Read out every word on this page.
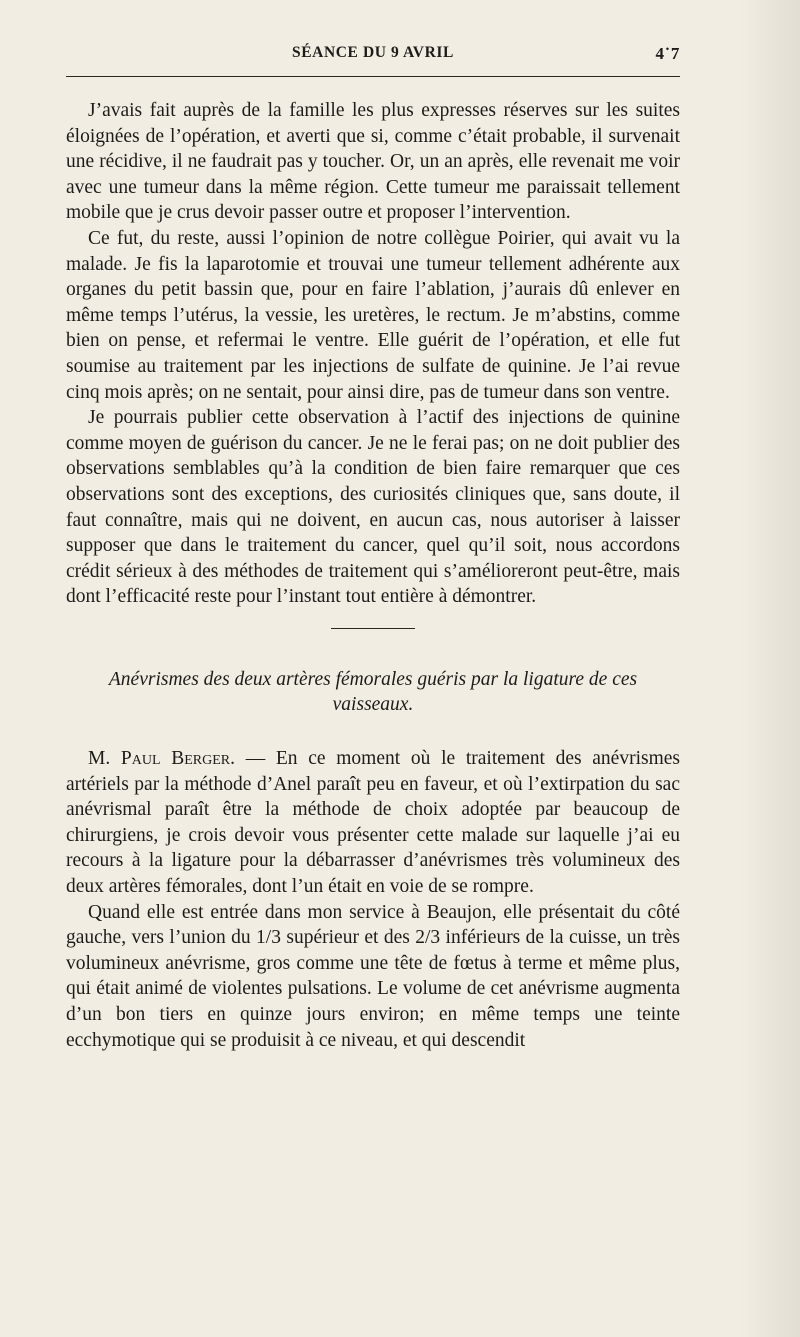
SÉANCE DU 9 AVRIL	4˙7

J’avais fait auprès de la famille les plus expresses réserves sur les suites éloignées de l’opération, et averti que si, comme c’était probable, il survenait une récidive, il ne faudrait pas y toucher. Or, un an après, elle revenait me voir avec une tumeur dans la même région. Cette tumeur me paraissait tellement mobile que je crus devoir passer outre et proposer l’intervention.

Ce fut, du reste, aussi l’opinion de notre collègue Poirier, qui avait vu la malade. Je fis la laparotomie et trouvai une tumeur tellement adhérente aux organes du petit bassin que, pour en faire l’ablation, j’aurais dû enlever en même temps l’utérus, la vessie, les uretères, le rectum. Je m’abstins, comme bien on pense, et refermai le ventre. Elle guérit de l’opération, et elle fut soumise au traitement par les injections de sulfate de quinine. Je l’ai revue cinq mois après; on ne sentait, pour ainsi dire, pas de tumeur dans son ventre.

Je pourrais publier cette observation à l’actif des injections de quinine comme moyen de guérison du cancer. Je ne le ferai pas; on ne doit publier des observations semblables qu’à la condition de bien faire remarquer que ces observations sont des exceptions, des curiosités cliniques que, sans doute, il faut connaître, mais qui ne doivent, en aucun cas, nous autoriser à laisser supposer que dans le traitement du cancer, quel qu’il soit, nous accordons crédit sérieux à des méthodes de traitement qui s’amélioreront peut-être, mais dont l’efficacité reste pour l’instant tout entière à démontrer.

Anévrismes des deux artères fémorales guéris par la ligature de ces vaisseaux.

M. Paul Berger. — En ce moment où le traitement des anévrismes artériels par la méthode d’Anel paraît peu en faveur, et où l’extirpation du sac anévrismal paraît être la méthode de choix adoptée par beaucoup de chirurgiens, je crois devoir vous présenter cette malade sur laquelle j’ai eu recours à la ligature pour la débarrasser d’anévrismes très volumineux des deux artères fémorales, dont l’un était en voie de se rompre.

Quand elle est entrée dans mon service à Beaujon, elle présentait du côté gauche, vers l’union du 1/3 supérieur et des 2/3 inférieurs de la cuisse, un très volumineux anévrisme, gros comme une tête de fœtus à terme et même plus, qui était animé de violentes pulsations. Le volume de cet anévrisme augmenta d’un bon tiers en quinze jours environ; en même temps une teinte ecchymotique qui se produisit à ce niveau, et qui descendit
